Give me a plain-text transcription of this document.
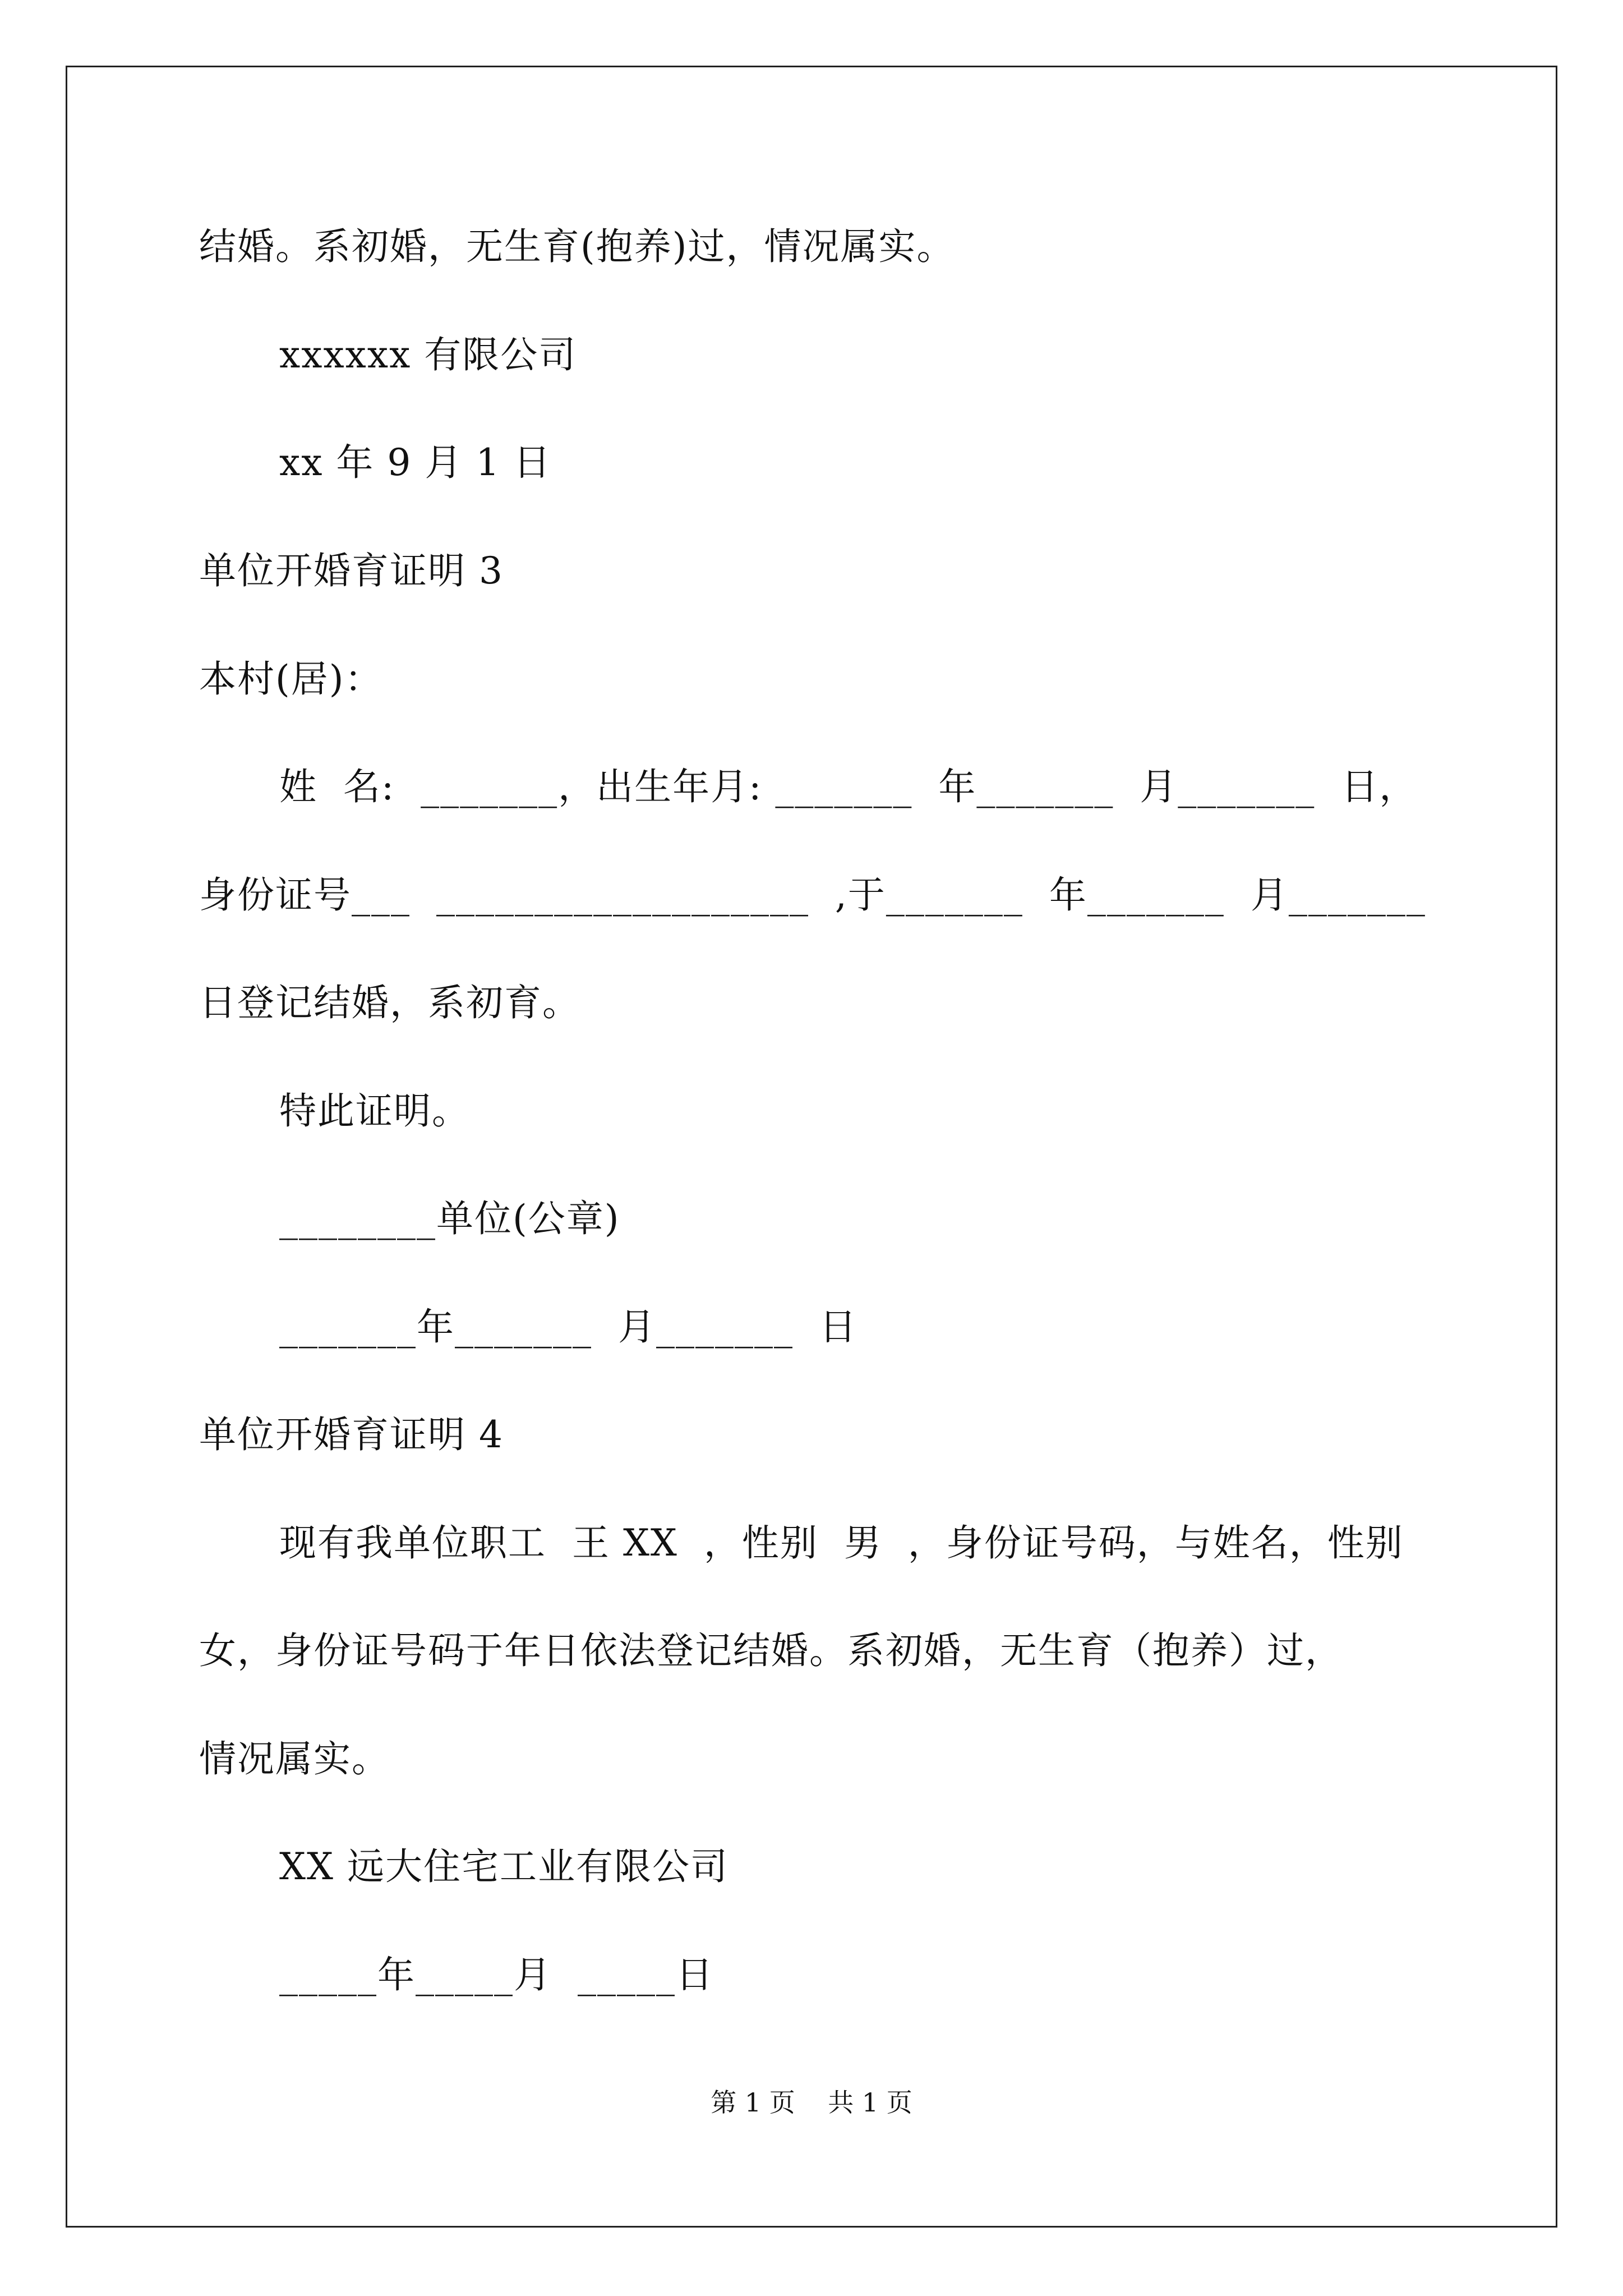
结婚。系初婚，无生育(抱养)过，情况属实。
xxxxxx 有限公司
xx 年 9 月 1 日
单位开婚育证明 3
本村(居)：
姓  名:  _______，出生年月: _______  年_______  月_______  日，
身份证号___  ___________________  ,于_______  年_______  月_______
日登记结婚，系初育。
特此证明。
________单位(公章)
_______年_______  月_______  日
单位开婚育证明 4
现有我单位职工  王 XX  ，性别  男  ，身份证号码，与姓名，性别
女，身份证号码于年日依法登记结婚。系初婚，无生育（抱养）过，
情况属实。
XX 远大住宅工业有限公司
_____年_____月  _____日
第 1 页    共 1 页
